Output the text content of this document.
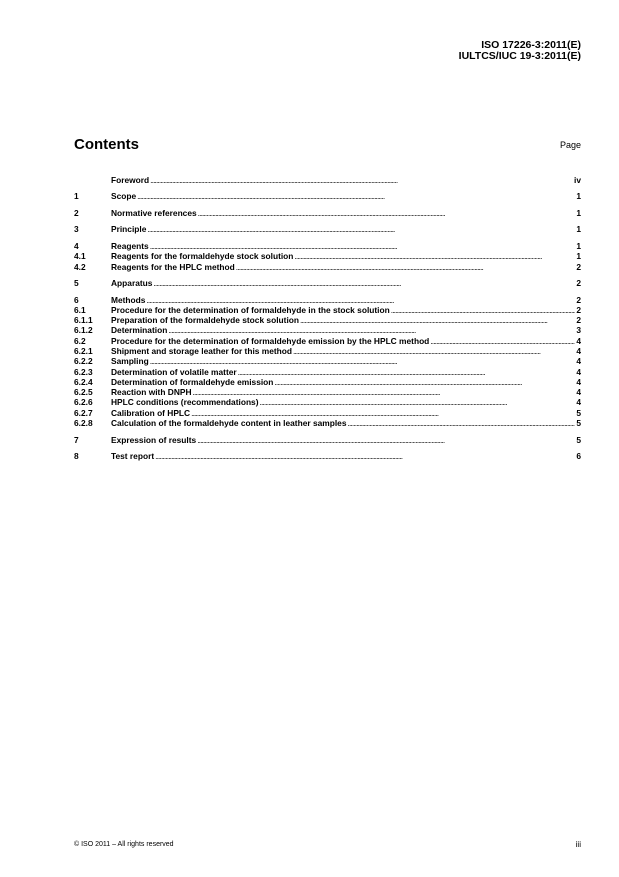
ISO 17226-3:2011(E)
IULTCS/IUC 19-3:2011(E)
Contents	Page
Foreword . . .	iv
1	Scope . . .	1
2	Normative references . . .	1
3	Principle . . .	1
4	Reagents . . .	1
4.1	Reagents for the formaldehyde stock solution . . .	1
4.2	Reagents for the HPLC method . . .	2
5	Apparatus . . .	2
6	Methods . . .	2
6.1	Procedure for the determination of formaldehyde in the stock solution . . .	2
6.1.1	Preparation of the formaldehyde stock solution . . .	2
6.1.2	Determination . . .	3
6.2	Procedure for the determination of formaldehyde emission by the HPLC method . . .	4
6.2.1	Shipment and storage leather for this method . . .	4
6.2.2	Sampling . . .	4
6.2.3	Determination of volatile matter . . .	4
6.2.4	Determination of formaldehyde emission . . .	4
6.2.5	Reaction with DNPH . . .	4
6.2.6	HPLC conditions (recommendations) . . .	4
6.2.7	Calibration of HPLC . . .	5
6.2.8	Calculation of the formaldehyde content in leather samples . . .	5
7	Expression of results . . .	5
8	Test report . . .	6
© ISO 2011 – All rights reserved	iii
